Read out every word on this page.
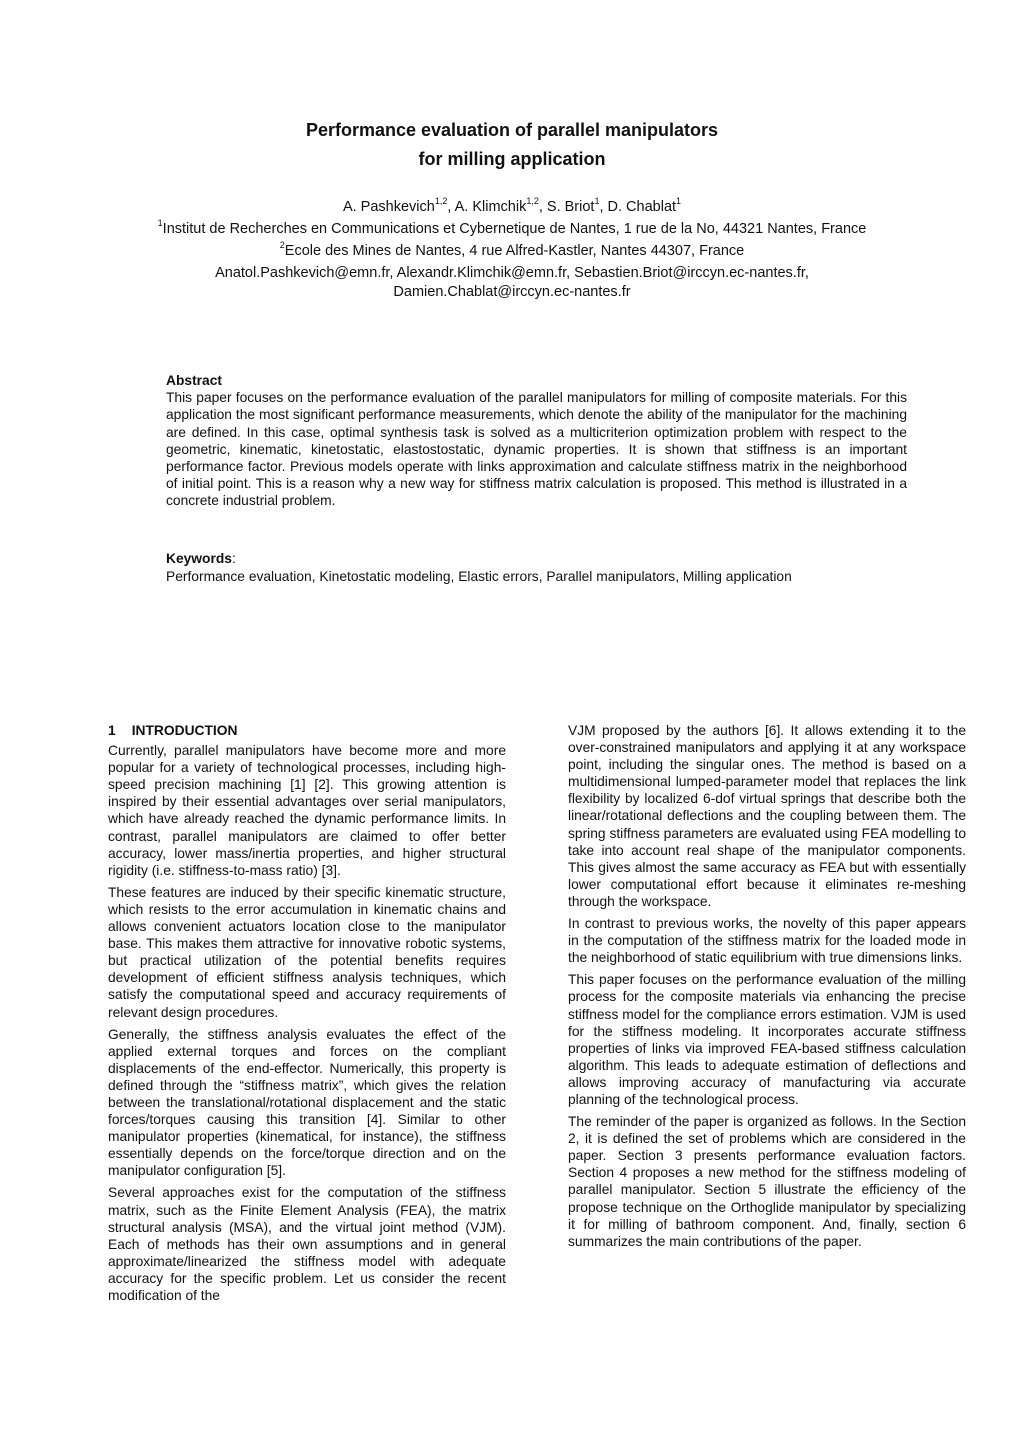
Performance evaluation of parallel manipulators
for milling application
A. Pashkevich$^{1,2}$, A. Klimchik$^{1,2}$, S. Briot$^1$, D. Chablat$^1$
$^1$Institut de Recherches en Communications et Cybernetique de Nantes, 1 rue de la No, 44321 Nantes, France
$^2$Ecole des Mines de Nantes, 4 rue Alfred-Kastler, Nantes 44307, France
Anatol.Pashkevich@emn.fr, Alexandr.Klimchik@emn.fr, Sebastien.Briot@irccyn.ec-nantes.fr,
Damien.Chablat@irccyn.ec-nantes.fr
Abstract
This paper focuses on the performance evaluation of the parallel manipulators for milling of composite materials. For this application the most significant performance measurements, which denote the ability of the manipulator for the machining are defined. In this case, optimal synthesis task is solved as a multicriterion optimization problem with respect to the geometric, kinematic, kinetostatic, elastostostatic, dynamic properties. It is shown that stiffness is an important performance factor. Previous models operate with links approximation and calculate stiffness matrix in the neighborhood of initial point. This is a reason why a new way for stiffness matrix calculation is proposed. This method is illustrated in a concrete industrial problem.
Keywords:
Performance evaluation, Kinetostatic modeling, Elastic errors, Parallel manipulators, Milling application
1 INTRODUCTION

Currently, parallel manipulators have become more and more popular for a variety of technological processes, including high-speed precision machining [1] [2]. This growing attention is inspired by their essential advantages over serial manipulators, which have already reached the dynamic performance limits. In contrast, parallel manipulators are claimed to offer better accuracy, lower mass/inertia properties, and higher structural rigidity (i.e. stiffness-to-mass ratio) [3].

These features are induced by their specific kinematic structure, which resists to the error accumulation in kinematic chains and allows convenient actuators location close to the manipulator base. This makes them attractive for innovative robotic systems, but practical utilization of the potential benefits requires development of efficient stiffness analysis techniques, which satisfy the computational speed and accuracy requirements of relevant design procedures.

Generally, the stiffness analysis evaluates the effect of the applied external torques and forces on the compliant displacements of the end-effector. Numerically, this property is defined through the “stiffness matrix”, which gives the relation between the translational/rotational displacement and the static forces/torques causing this transition [4]. Similar to other manipulator properties (kinematical, for instance), the stiffness essentially depends on the force/torque direction and on the manipulator configuration [5].

Several approaches exist for the computation of the stiffness matrix, such as the Finite Element Analysis (FEA), the matrix structural analysis (MSA), and the virtual joint method (VJM). Each of methods has their own assumptions and in general approximate/linearized the stiffness model with adequate accuracy for the specific problem. Let us consider the recent modification of the

VJM proposed by the authors [6]. It allows extending it to the over-constrained manipulators and applying it at any workspace point, including the singular ones. The method is based on a multidimensional lumped-parameter model that replaces the link flexibility by localized 6-dof virtual springs that describe both the linear/rotational deflections and the coupling between them. The spring stiffness parameters are evaluated using FEA modelling to take into account real shape of the manipulator components. This gives almost the same accuracy as FEA but with essentially lower computational effort because it eliminates re-meshing through the workspace.

In contrast to previous works, the novelty of this paper appears in the computation of the stiffness matrix for the loaded mode in the neighborhood of static equilibrium with true dimensions links.

This paper focuses on the performance evaluation of the milling process for the composite materials via enhancing the precise stiffness model for the compliance errors estimation. VJM is used for the stiffness modeling. It incorporates accurate stiffness properties of links via improved FEA-based stiffness calculation algorithm. This leads to adequate estimation of deflections and allows improving accuracy of manufacturing via accurate planning of the technological process.

The reminder of the paper is organized as follows. In the Section 2, it is defined the set of problems which are considered in the paper. Section 3 presents performance evaluation factors. Section 4 proposes a new method for the stiffness modeling of parallel manipulator. Section 5 illustrate the efficiency of the propose technique on the Orthoglide manipulator by specializing it for milling of bathroom component. And, finally, section 6 summarizes the main contributions of the paper.
